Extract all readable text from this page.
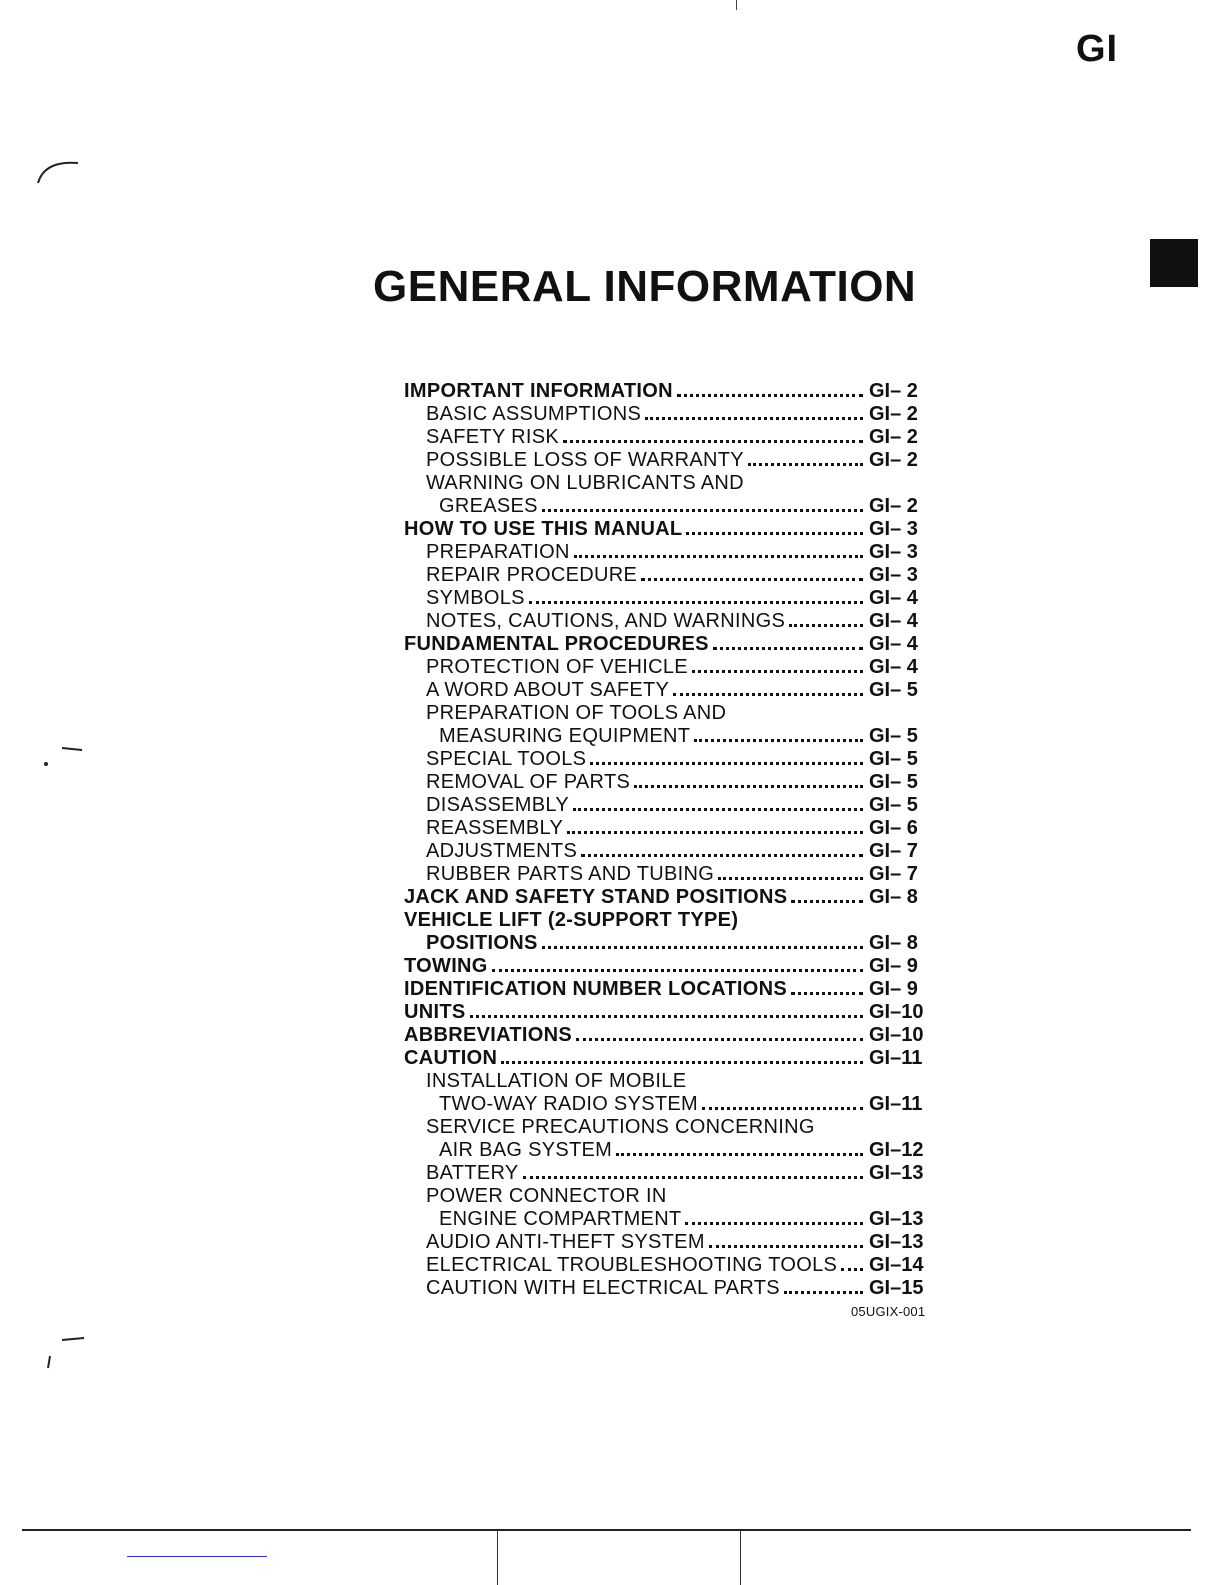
GI
GENERAL INFORMATION
IMPORTANT INFORMATION	GI– 2
BASIC ASSUMPTIONS	GI– 2
SAFETY RISK	GI– 2
POSSIBLE LOSS OF WARRANTY	GI– 2
WARNING ON LUBRICANTS AND
GREASES	GI– 2
HOW TO USE THIS MANUAL	GI– 3
PREPARATION	GI– 3
REPAIR PROCEDURE	GI– 3
SYMBOLS	GI– 4
NOTES, CAUTIONS, AND WARNINGS	GI– 4
FUNDAMENTAL PROCEDURES	GI– 4
PROTECTION OF VEHICLE	GI– 4
A WORD ABOUT SAFETY	GI– 5
PREPARATION OF TOOLS AND
MEASURING EQUIPMENT	GI– 5
SPECIAL TOOLS	GI– 5
REMOVAL OF PARTS	GI– 5
DISASSEMBLY	GI– 5
REASSEMBLY	GI– 6
ADJUSTMENTS	GI– 7
RUBBER PARTS AND TUBING	GI– 7
JACK AND SAFETY STAND POSITIONS	GI– 8
VEHICLE LIFT (2-SUPPORT TYPE)
POSITIONS	GI– 8
TOWING	GI– 9
IDENTIFICATION NUMBER LOCATIONS	GI– 9
UNITS	GI–10
ABBREVIATIONS	GI–10
CAUTION	GI–11
INSTALLATION OF MOBILE
TWO-WAY RADIO SYSTEM	GI–11
SERVICE PRECAUTIONS CONCERNING
AIR BAG SYSTEM	GI–12
BATTERY	GI–13
POWER CONNECTOR IN
ENGINE COMPARTMENT	GI–13
AUDIO ANTI-THEFT SYSTEM	GI–13
ELECTRICAL TROUBLESHOOTING TOOLS GI–14
CAUTION WITH ELECTRICAL PARTS	GI–15
05UGIX-001
